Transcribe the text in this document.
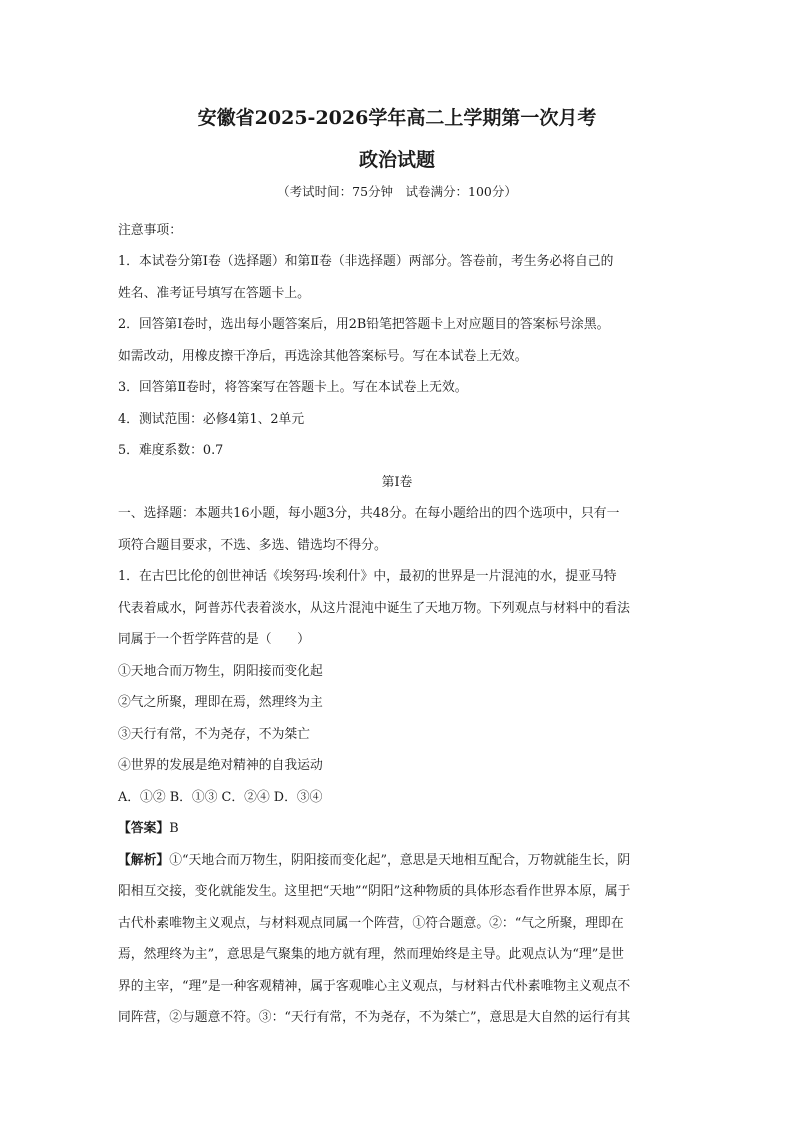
安徽省2025-2026学年高二上学期第一次月考

政治试题

（考试时间：75分钟　试卷满分：100分）

注意事项：

1．本试卷分第Ⅰ卷（选择题）和第Ⅱ卷（非选择题）两部分。答卷前，考生务必将自己的

姓名、准考证号填写在答题卡上。

2．回答第Ⅰ卷时，选出每小题答案后，用2B铅笔把答题卡上对应题目的答案标号涂黑。

如需改动，用橡皮擦干净后，再选涂其他答案标号。写在本试卷上无效。

3．回答第Ⅱ卷时，将答案写在答题卡上。写在本试卷上无效。

4．测试范围：必修4第1、2单元

5．难度系数：0.7

第Ⅰ卷

一、选择题：本题共16小题，每小题3分，共48分。在每小题给出的四个选项中，只有一

项符合题目要求，不选、多选、错选均不得分。

1．在古巴比伦的创世神话《埃努玛·埃利什》中，最初的世界是一片混沌的水，提亚马特

代表着咸水，阿普苏代表着淡水，从这片混沌中诞生了天地万物。下列观点与材料中的看法

同属于一个哲学阵营的是（　　）

①天地合而万物生，阴阳接而变化起

②气之所聚，理即在焉，然理终为主

③天行有常，不为尧存，不为桀亡

④世界的发展是绝对精神的自我运动

A．①② B．①③ C．②④ D．③④

【答案】B

【解析】①“天地合而万物生，阴阳接而变化起”，意思是天地相互配合，万物就能生长，阴

阳相互交接，变化就能发生。这里把“天地”“阴阳”这种物质的具体形态看作世界本原，属于

古代朴素唯物主义观点，与材料观点同属一个阵营，①符合题意。②：“气之所聚，理即在

焉，然理终为主”，意思是气聚集的地方就有理，然而理始终是主导。此观点认为“理”是世

界的主宰，“理”是一种客观精神，属于客观唯心主义观点，与材料古代朴素唯物主义观点不

同阵营，②与题意不符。③：“天行有常，不为尧存，不为桀亡”，意思是大自然的运行有其
